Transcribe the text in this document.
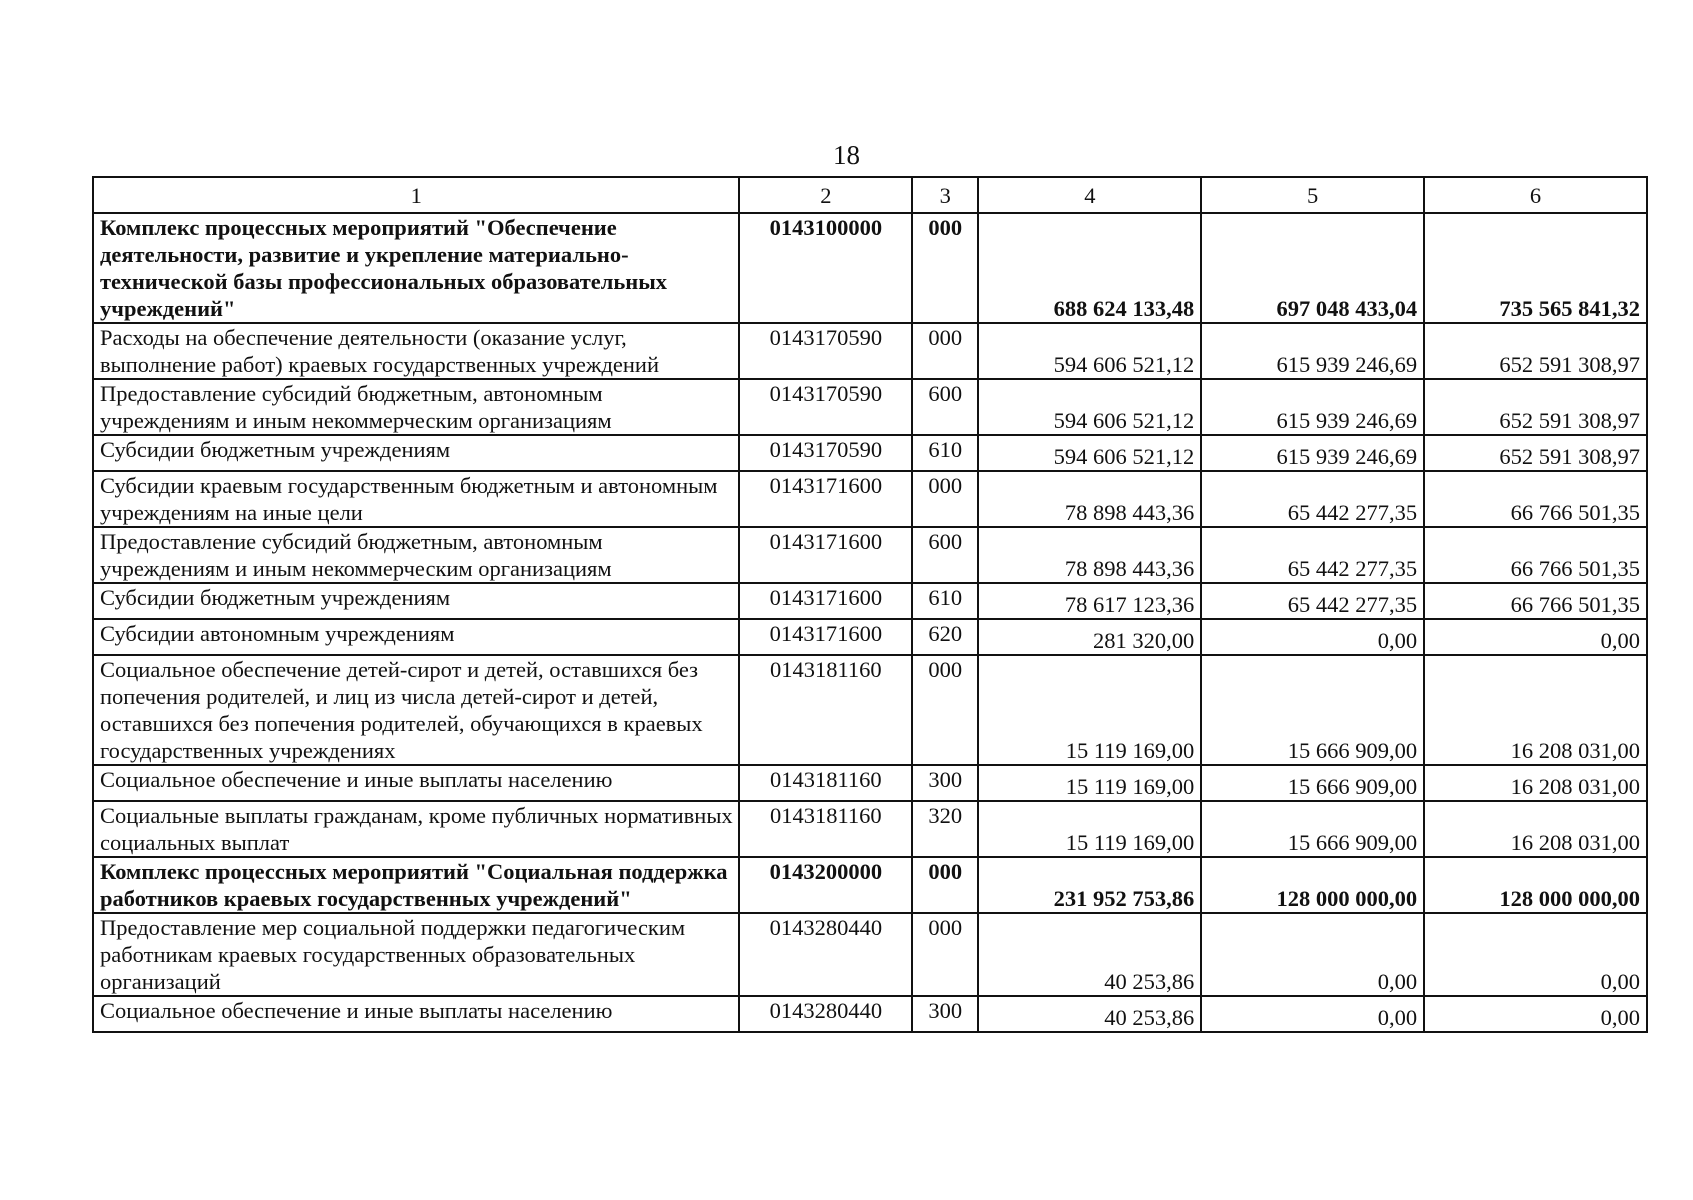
18
1	2	3	4	5	6
Комплекс процессных мероприятий "Обеспечение деятельности, развитие и укрепление материально-технической базы профессиональных образовательных учреждений"	0143100000	000	688 624 133,48	697 048 433,04	735 565 841,32
Расходы на обеспечение деятельности (оказание услуг, выполнение работ) краевых государственных учреждений	0143170590	000	594 606 521,12	615 939 246,69	652 591 308,97
Предоставление субсидий бюджетным, автономным учреждениям и иным некоммерческим организациям	0143170590	600	594 606 521,12	615 939 246,69	652 591 308,97
Субсидии бюджетным учреждениям	0143170590	610	594 606 521,12	615 939 246,69	652 591 308,97
Субсидии краевым государственным бюджетным и автономным учреждениям на иные цели	0143171600	000	78 898 443,36	65 442 277,35	66 766 501,35
Предоставление субсидий бюджетным, автономным учреждениям и иным некоммерческим организациям	0143171600	600	78 898 443,36	65 442 277,35	66 766 501,35
Субсидии бюджетным учреждениям	0143171600	610	78 617 123,36	65 442 277,35	66 766 501,35
Субсидии автономным учреждениям	0143171600	620	281 320,00	0,00	0,00
Социальное обеспечение детей-сирот и детей, оставшихся без попечения родителей, и лиц из числа детей-сирот и детей, оставшихся без попечения родителей, обучающихся в краевых государственных учреждениях	0143181160	000	15 119 169,00	15 666 909,00	16 208 031,00
Социальное обеспечение и иные выплаты населению	0143181160	300	15 119 169,00	15 666 909,00	16 208 031,00
Социальные выплаты гражданам, кроме публичных нормативных социальных выплат	0143181160	320	15 119 169,00	15 666 909,00	16 208 031,00
Комплекс процессных мероприятий "Социальная поддержка работников краевых государственных учреждений"	0143200000	000	231 952 753,86	128 000 000,00	128 000 000,00
Предоставление мер социальной поддержки педагогическим работникам краевых государственных образовательных организаций	0143280440	000	40 253,86	0,00	0,00
Социальное обеспечение и иные выплаты населению	0143280440	300	40 253,86	0,00	0,00
